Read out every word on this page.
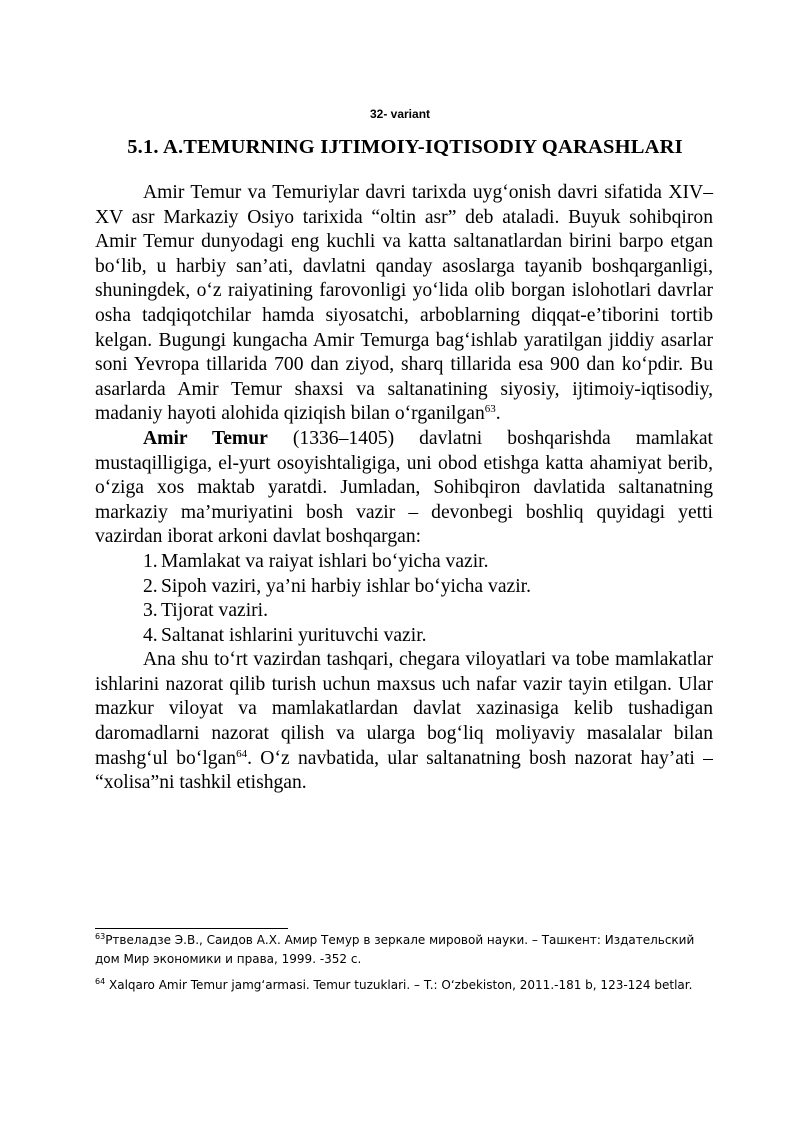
32- variant
5.1. A.TEMURNING IJTIMOIY-IQTISODIY QARASHLARI

Amir Temur va Temuriylar davri tarixda uyg‘onish davri sifatida XIV–XV asr Markaziy Osiyo tarixida “oltin asr” deb ataladi. Buyuk sohibqiron Amir Temur dunyodagi eng kuchli va katta saltanatlardan birini barpo etgan bo‘lib, u harbiy san’ati, davlatni qanday asoslarga tayanib boshqarganligi, shuningdek, o‘z raiyatining farovonligi yo‘lida olib borgan islohotlari davrlar osha tadqiqotchilar hamda siyosatchi, arboblarning diqqat-e’tiborini tortib kelgan. Bugungi kungacha Amir Temurga bag‘ishlab yaratilgan jiddiy asarlar soni Yevropa tillarida 700 dan ziyod, sharq tillarida esa 900 dan ko‘pdir. Bu asarlarda Amir Temur shaxsi va saltanatining siyosiy, ijtimoiy-iqtisodiy, madaniy hayoti alohida qiziqish bilan o‘rganilgan$^{63}$.

Amir Temur (1336–1405) davlatni boshqarishda mamlakat mustaqilligiga, el-yurt osoyishtaligiga, uni obod etishga katta ahamiyat berib, o‘ziga xos maktab yaratdi. Jumladan, Sohibqiron davlatida saltanatning markaziy ma’muriyatini bosh vazir – devonbegi boshliq quyidagi yetti vazirdan iborat arkoni davlat boshqargan:

1. Mamlakat va raiyat ishlari bo‘yicha vazir.
2. Sipoh vaziri, ya’ni harbiy ishlar bo‘yicha vazir.
3. Tijorat vaziri.
4. Saltanat ishlarini yurituvchi vazir.

Ana shu to‘rt vazirdan tashqari, chegara viloyatlari va tobe mamlakatlar ishlarini nazorat qilib turish uchun maxsus uch nafar vazir tayin etilgan. Ular mazkur viloyat va mamlakatlardan davlat xazinasiga kelib tushadigan daromadlarni nazorat qilish va ularga bog‘liq moliyaviy masalalar bilan mashg‘ul bo‘lgan$^{64}$. O‘z navbatida, ular saltanatning bosh nazorat hay’ati – “xolisa”ni tashkil etishgan.

$^{63}$Ртвеладзе Э.В., Саидов А.Х. Амир Темур в зеркале мировой науки. – Ташкент: Издательский дом Мир экономики и права, 1999. -352 с.
$^{64}$ Xalqaro Amir Temur jamg‘armasi. Temur tuzuklari. – T.: O‘zbekiston, 2011.-181 b, 123-124 betlar.
